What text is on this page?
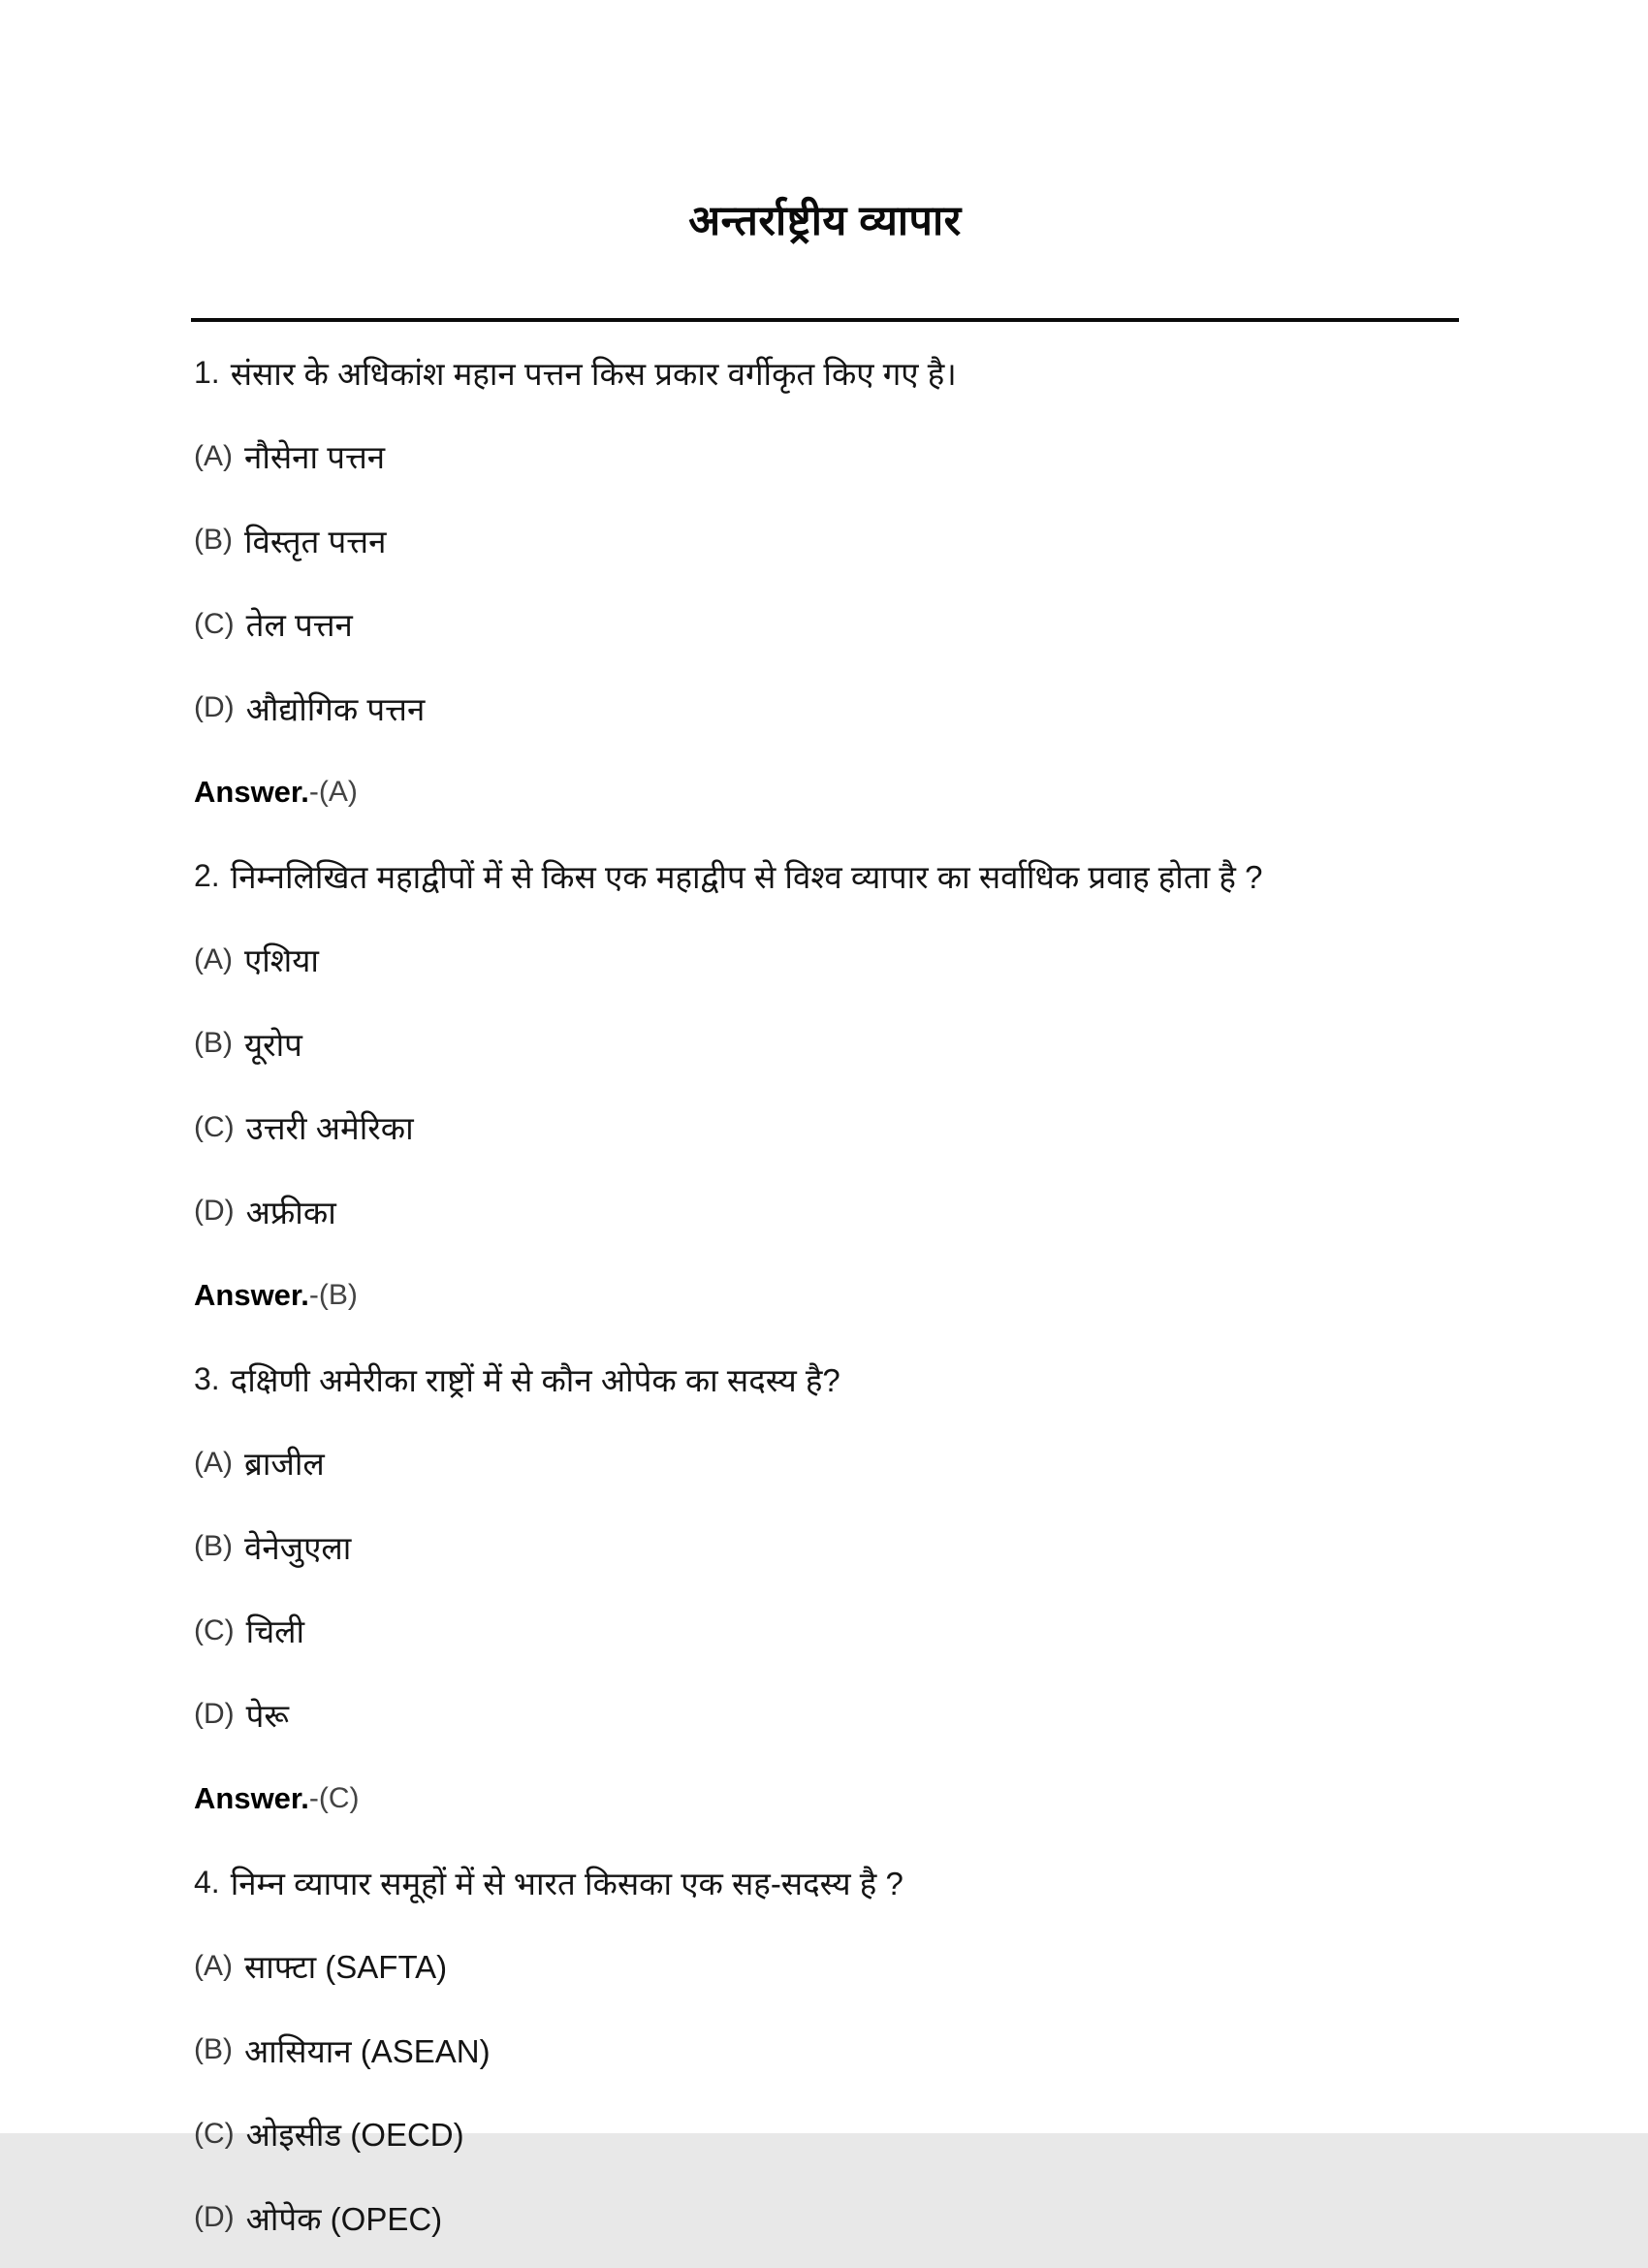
अन्तर्राष्ट्रीय व्यापार

1. संसार के अधिकांश महान पत्तन किस प्रकार वर्गीकृत किए गए है।

(A) नौसेना पत्तन

(B) विस्तृत पत्तन

(C) तेल पत्तन

(D) औद्योगिक पत्तन

Answer. -(A)

2. निम्नलिखित महाद्वीपों में से किस एक महाद्वीप से विश्व व्यापार का सर्वाधिक प्रवाह होता है ?

(A) एशिया

(B) यूरोप

(C) उत्तरी अमेरिका

(D) अफ्रीका

Answer. -(B)

3. दक्षिणी अमेरीका राष्ट्रों में से कौन ओपेक का सदस्य है?

(A) ब्राजील

(B) वेनेजुएला

(C) चिली

(D) पेरू

Answer. -(C)

4. निम्न व्यापार समूहों में से भारत किसका एक सह-सदस्य है ?

(A) साफ्टा (SAFTA)

(B) आसियान (ASEAN)

(C) ओइसीड (OECD)

(D) ओपेक (OPEC)
